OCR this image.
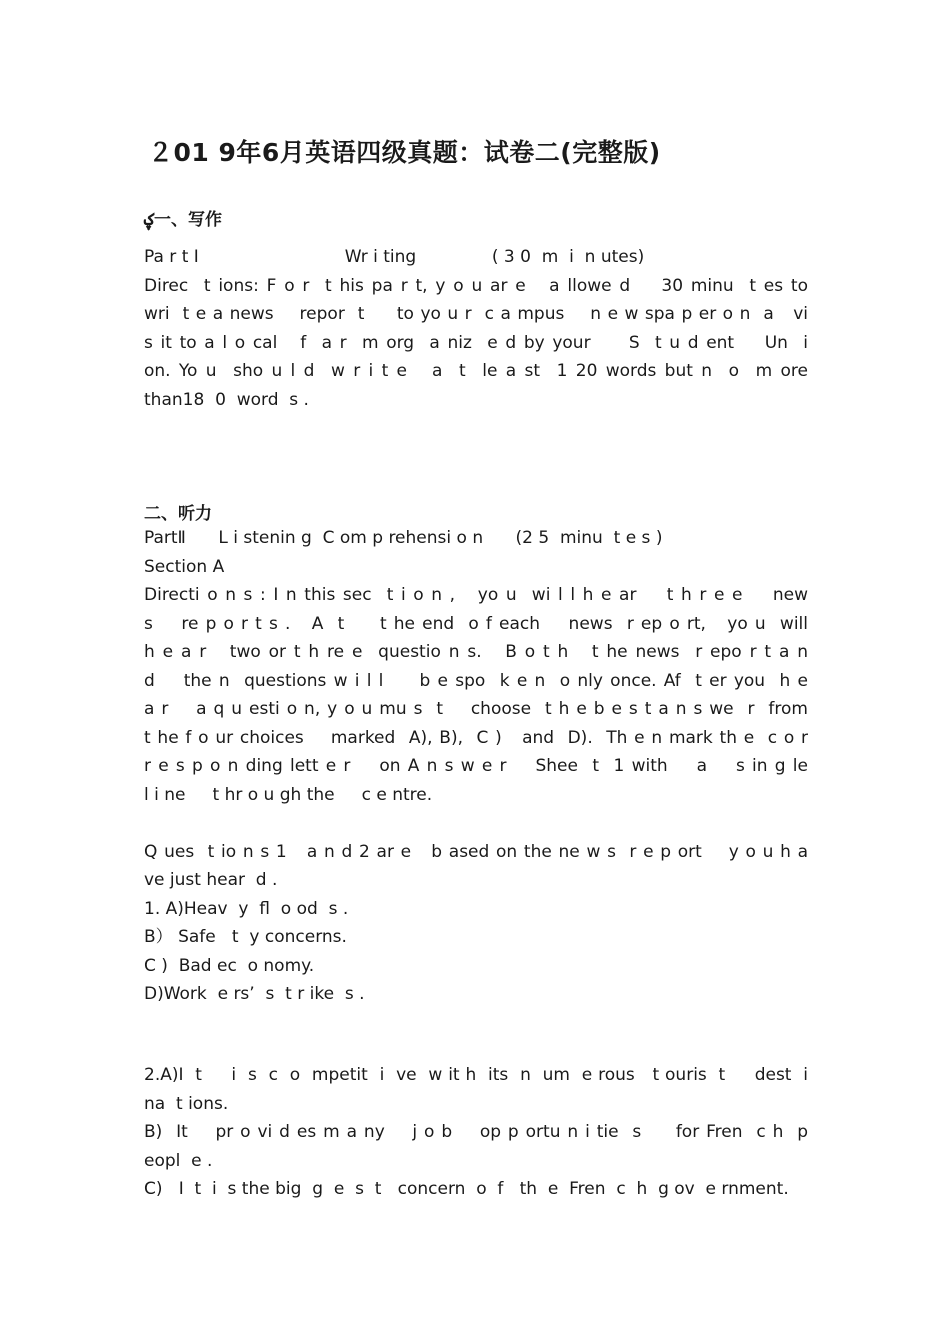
２01 9年6月英语四级真题：试卷二(完整版)
ؼ一、写作
Pa r t Ⅰ                           Wr i ting              ( 3 0  m  i  n utes)
Direc  t ions: F o r  t his pa r t, y o u ar e   a llowe d    30 minu  t es to
wri  t e a news    repor  t     to yo u r  c a mpus    n e w spa p er o n  a   vi
s it to a l o cal   f  a r  m org  a niz  e d by your     S  t u d ent    Un  i
on. Yo u  sho u l d  w r i t e   a  t  le a st  1 20 words but n  o  m ore
than18  0  word  s .
二、听力
PartⅡ      L i stenin g  C om p rehensi o n      (2 5  minu  t e s )
Section A
Directi o n s : I n this sec  t i o n ,   yo u  wi l l h e ar    t h r e e    new
s    re p o r t s .   A  t     t he end  o f each    news  r ep o rt,   yo u  will
h e a r   two or t h re e  questio n s.   B o t h   t he news  r epo r t a n
d    the n  questions w i l l     b e spo  k e n  o nly once. Af  t er you  h e
a r    a q u esti o n, y o u mu s  t    choose  t h e b e s t a n s we  r  from
t he f o ur choices    marked  A), B),  C )   and  D).  Th e n mark th e  c o r
r e s p o n ding lett e r    on A n s w e r    Shee  t  1 with    a    s in g le
l i ne     t hr o u gh the     c e ntre.
Q ues  t io n s 1   a n d 2 ar e   b ased on the ne w s  r e p ort    y o u h a
ve just hear  d .
1. A)Heav  y  fl  o od  s .
B） Safe   t  y concerns.
C )  Bad ec  o nomy.
D)Work  e rs’  s  t r ike  s .
2.A)I  t     i  s  c  o  mpetit  i  ve  w it h  its  n  um  e rous   t ouris  t     dest  i
na  t ions.
B)  It    pr o vi d es m a ny    j o b    op p ortu n i tie  s     for Fren  c h  p
eopl  e .
C)   I  t  i  s the big  g  e  s  t   concern  o  f   th  e  Fren  c  h  g ov  e rnment.
